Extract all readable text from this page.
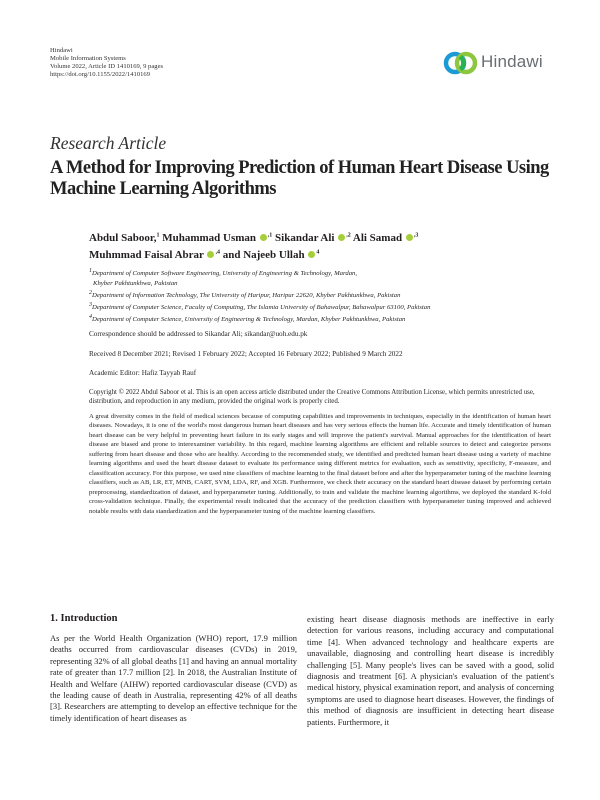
Hindawi
Mobile Information Systems
Volume 2022, Article ID 1410169, 9 pages
https://doi.org/10.1155/2022/1410169
Hindawi
Research Article
A Method for Improving Prediction of Human Heart Disease Using Machine Learning Algorithms
Abdul Saboor,$^1$ Muhammad Usman $^{,1}$ Sikandar Ali $^{,2}$ Ali Samad $^{,3}$
Muhmmad Faisal Abrar $^{,4}$ and Najeeb Ullah $^4$
$^1$Department of Computer Software Engineering, University of Engineering & Technology, Mardan,
Khyber Pakhtunkhwa, Pakistan
$^2$Department of Information Technology, The University of Haripur, Haripur 22620, Khyber Pakhtunkhwa, Pakistan
$^3$Department of Computer Science, Faculty of Computing, The Islamia University of Bahawalpur, Bahawalpur 63100, Pakistan
$^4$Department of Computer Science, University of Engineering & Technology, Mardan, Khyber Pakhtunkhwa, Pakistan
Correspondence should be addressed to Sikandar Ali; sikandar@uoh.edu.pk
Received 8 December 2021; Revised 1 February 2022; Accepted 16 February 2022; Published 9 March 2022
Academic Editor: Hafiz Tayyab Rauf
Copyright © 2022 Abdul Saboor et al. This is an open access article distributed under the Creative Commons Attribution License, which permits unrestricted use, distribution, and reproduction in any medium, provided the original work is properly cited.
A great diversity comes in the field of medical sciences because of computing capabilities and improvements in techniques, especially in the identification of human heart diseases. Nowadays, it is one of the world's most dangerous human heart diseases and has very serious effects the human life. Accurate and timely identification of human heart disease can be very helpful in preventing heart failure in its early stages and will improve the patient's survival. Manual approaches for the identification of heart disease are biased and prone to interexaminer variability. In this regard, machine learning algorithms are efficient and reliable sources to detect and categorize persons suffering from heart disease and those who are healthy. According to the recommended study, we identified and predicted human heart disease using a variety of machine learning algorithms and used the heart disease dataset to evaluate its performance using different metrics for evaluation, such as sensitivity, specificity, F-measure, and classification accuracy. For this purpose, we used nine classifiers of machine learning to the final dataset before and after the hyperparameter tuning of the machine learning classifiers, such as AB, LR, ET, MNB, CART, SVM, LDA, RF, and XGB. Furthermore, we check their accuracy on the standard heart disease dataset by performing certain preprocessing, standardization of dataset, and hyperparameter tuning. Additionally, to train and validate the machine learning algorithms, we deployed the standard K-fold cross-validation technique. Finally, the experimental result indicated that the accuracy of the prediction classifiers with hyperparameter tuning improved and achieved notable results with data standardization and the hyperparameter tuning of the machine learning classifiers.
1. Introduction
As per the World Health Organization (WHO) report, 17.9 million deaths occurred from cardiovascular diseases (CVDs) in 2019, representing 32% of all global deaths [1] and having an annual mortality rate of greater than 17.7 million [2]. In 2018, the Australian Institute of Health and Welfare (AIHW) reported cardiovascular disease (CVD) as the leading cause of death in Australia, representing 42% of all deaths [3]. Researchers are attempting to develop an effective technique for the timely identification of heart diseases as
existing heart disease diagnosis methods are ineffective in early detection for various reasons, including accuracy and computational time [4]. When advanced technology and healthcare experts are unavailable, diagnosing and controlling heart disease is incredibly challenging [5]. Many people's lives can be saved with a good, solid diagnosis and treatment [6]. A physician's evaluation of the patient's medical history, physical examination report, and analysis of concerning symptoms are used to diagnose heart diseases. However, the findings of this method of diagnosis are insufficient in detecting heart disease patients. Furthermore, it
